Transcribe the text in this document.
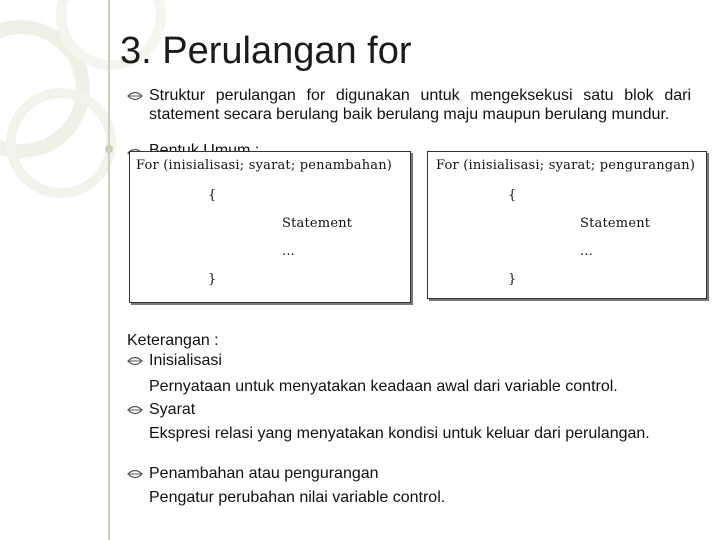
3. Perulangan for
Struktur perulangan for digunakan untuk mengeksekusi satu blok dari statement secara berulang baik berulang maju maupun berulang mundur.
For (inisialisasi; syarat; penambahan)
{
Statement
...
}
For (inisialisasi; syarat; pengurangan)
{
Statement
...
}
Keterangan :
Inisialisasi
Pernyataan untuk menyatakan keadaan awal dari variable control.
Syarat
Ekspresi relasi yang menyatakan kondisi untuk keluar dari perulangan.
Penambahan atau pengurangan
Pengatur perubahan nilai variable control.
